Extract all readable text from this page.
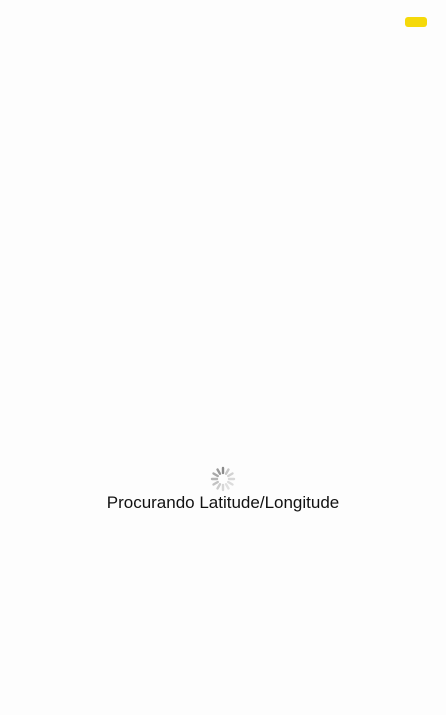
Procurando Latitude/Longitude
